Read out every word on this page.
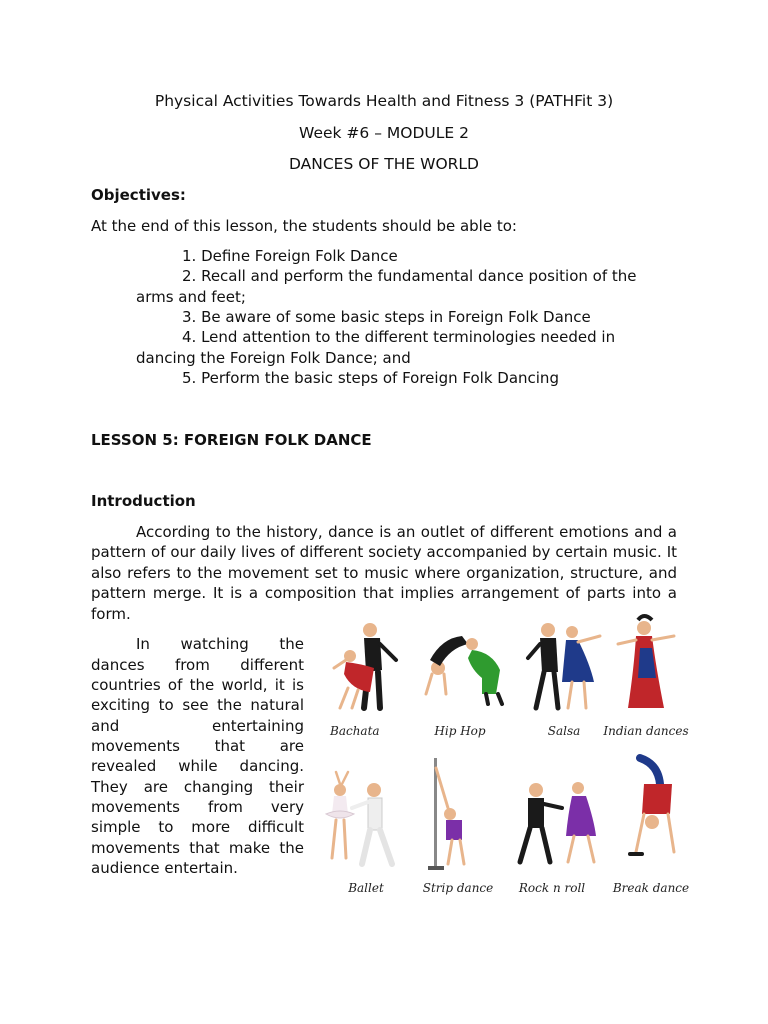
Physical Activities Towards Health and Fitness 3 (PATHFit 3)
Week #6 – MODULE 2
DANCES OF THE WORLD
Objectives:
At the end of this lesson, the students should be able to:
1. Define Foreign Folk Dance
2. Recall and perform the fundamental dance position of the
arms and feet;
3. Be aware of some basic steps in Foreign Folk Dance
4. Lend attention to the different terminologies needed in
dancing the Foreign Folk Dance; and
5. Perform the basic steps of Foreign Folk Dancing
LESSON 5: FOREIGN FOLK DANCE
Introduction
According to the history, dance is an outlet of different emotions and a
pattern of our daily lives of different society accompanied by certain music. It
also refers to the movement set to music where organization, structure, and
pattern merge. It is a composition that implies arrangement of parts into a
form.
In watching the
dances from different
countries of the world, it is
exciting to see the natural
and entertaining
movements that are
revealed while dancing.
They are changing their
movements from very
simple to more difficult
movements that make the
audience entertain.
Bachata	Hip Hop	Salsa	Indian dances
Ballet	Strip dance Rock n roll Break dance
